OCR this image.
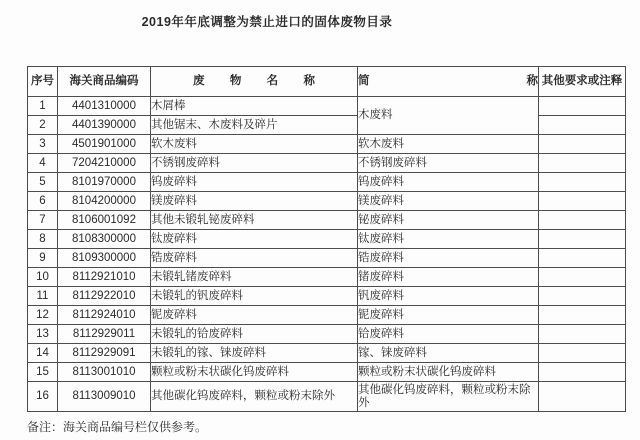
2019年年底调整为禁止进口的固体废物目录
序号	海关商品编码	废物名称	简称	其他要求或注释
1	4401310000	木屑棒	木废料	
2	4401390000	其他锯末、木废料及碎片		
3	4501901000	软木废料	软木废料	
4	7204210000	不锈钢废碎料	不锈钢废碎料	
5	8101970000	钨废碎料	钨废碎料	
6	8104200000	镁废碎料	镁废碎料	
7	8106001092	其他未锻轧铋废碎料	铋废碎料	
8	8108300000	钛废碎料	钛废碎料	
9	8109300000	锆废碎料	锆废碎料	
10	8112921010	未锻轧锗废碎料	锗废碎料	
11	8112922010	未锻轧的钒废碎料	钒废碎料	
12	8112924010	铌废碎料	铌废碎料	
13	8112929011	未锻轧的铪废碎料	铪废碎料	
14	8112929091	未锻轧的镓、铼废碎料	镓、铼废碎料	
15	8113001010	颗粒或粉末状碳化钨废碎料	颗粒或粉末状碳化钨废碎料	
16	8113009010	其他碳化钨废碎料，颗粒或粉末除外	其他碳化钨废碎料，颗粒或粉末除外	
备注：海关商品编号栏仅供参考。
